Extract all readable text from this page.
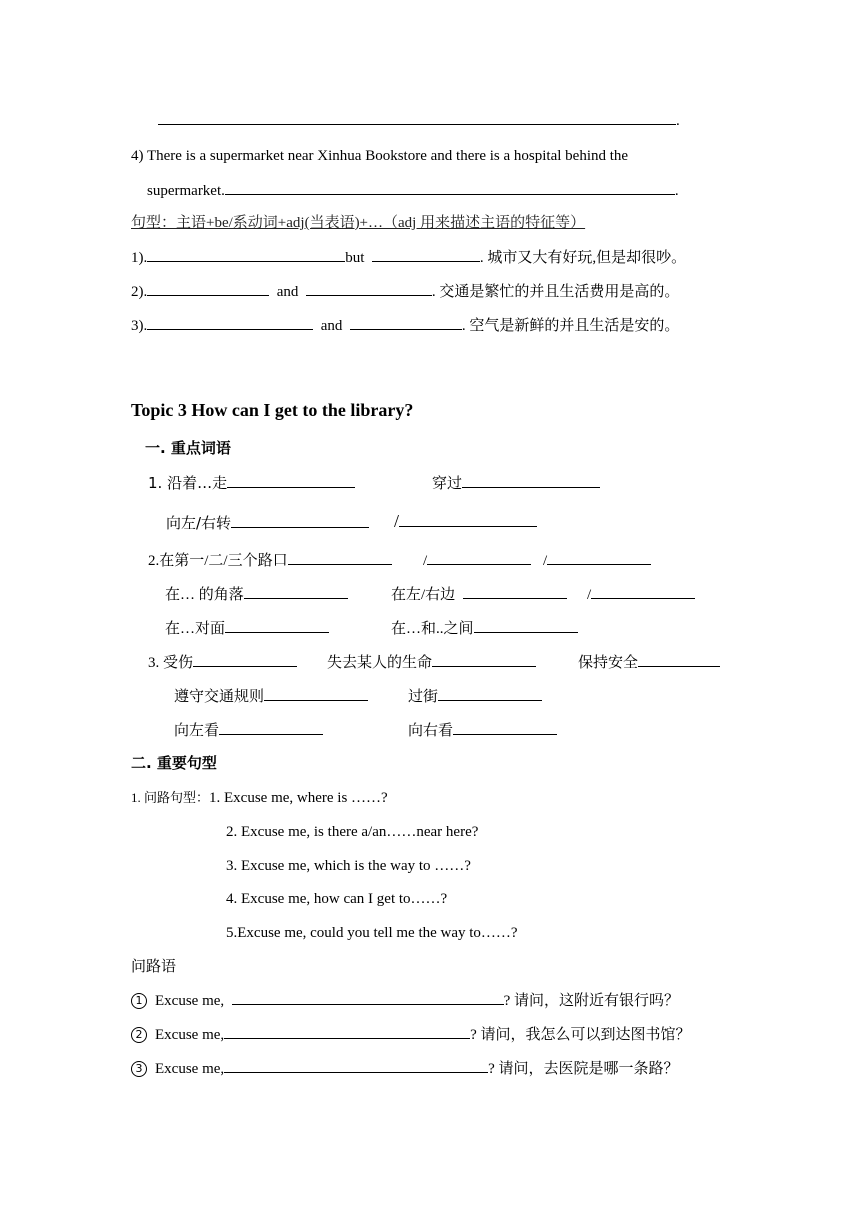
.
4) There is a supermarket near Xinhua Bookstore and there is a hospital behind the
supermarket.	.
句型：主语+be/系动词+adj(当表语)+…（adj 用来描述主语的特征等）
1).	but	. 城市又大有好玩,但是却很吵。
2).	and	. 交通是繁忙的并且生活费用是高的。
3).	and	. 空气是新鲜的并且生活是安的。
Topic 3 How can I get to the library?
一. 重点词语
1. 沿着…走	穿过
向左/右转	/
2.在第一/二/三个路口	/	/
在… 的角落	在左/右边	/
在…对面	在…和..之间
3. 受伤	失去某人的生命	保持安全
遵守交通规则	过街
向左看	向右看
二. 重要句型
1. 问路句型：1. Excuse me, where is ……?
2. Excuse me, is there a/an……near here?
3. Excuse me, which is the way to ……?
4. Excuse me, how can I get to……?
5.Excuse me, could you tell me the way to……?
问路语
1 Excuse me,	? 请问，这附近有银行吗？
2 Excuse me,	? 请问，我怎么可以到达图书馆？
3 Excuse me,	? 请问，去医院是哪一条路？
